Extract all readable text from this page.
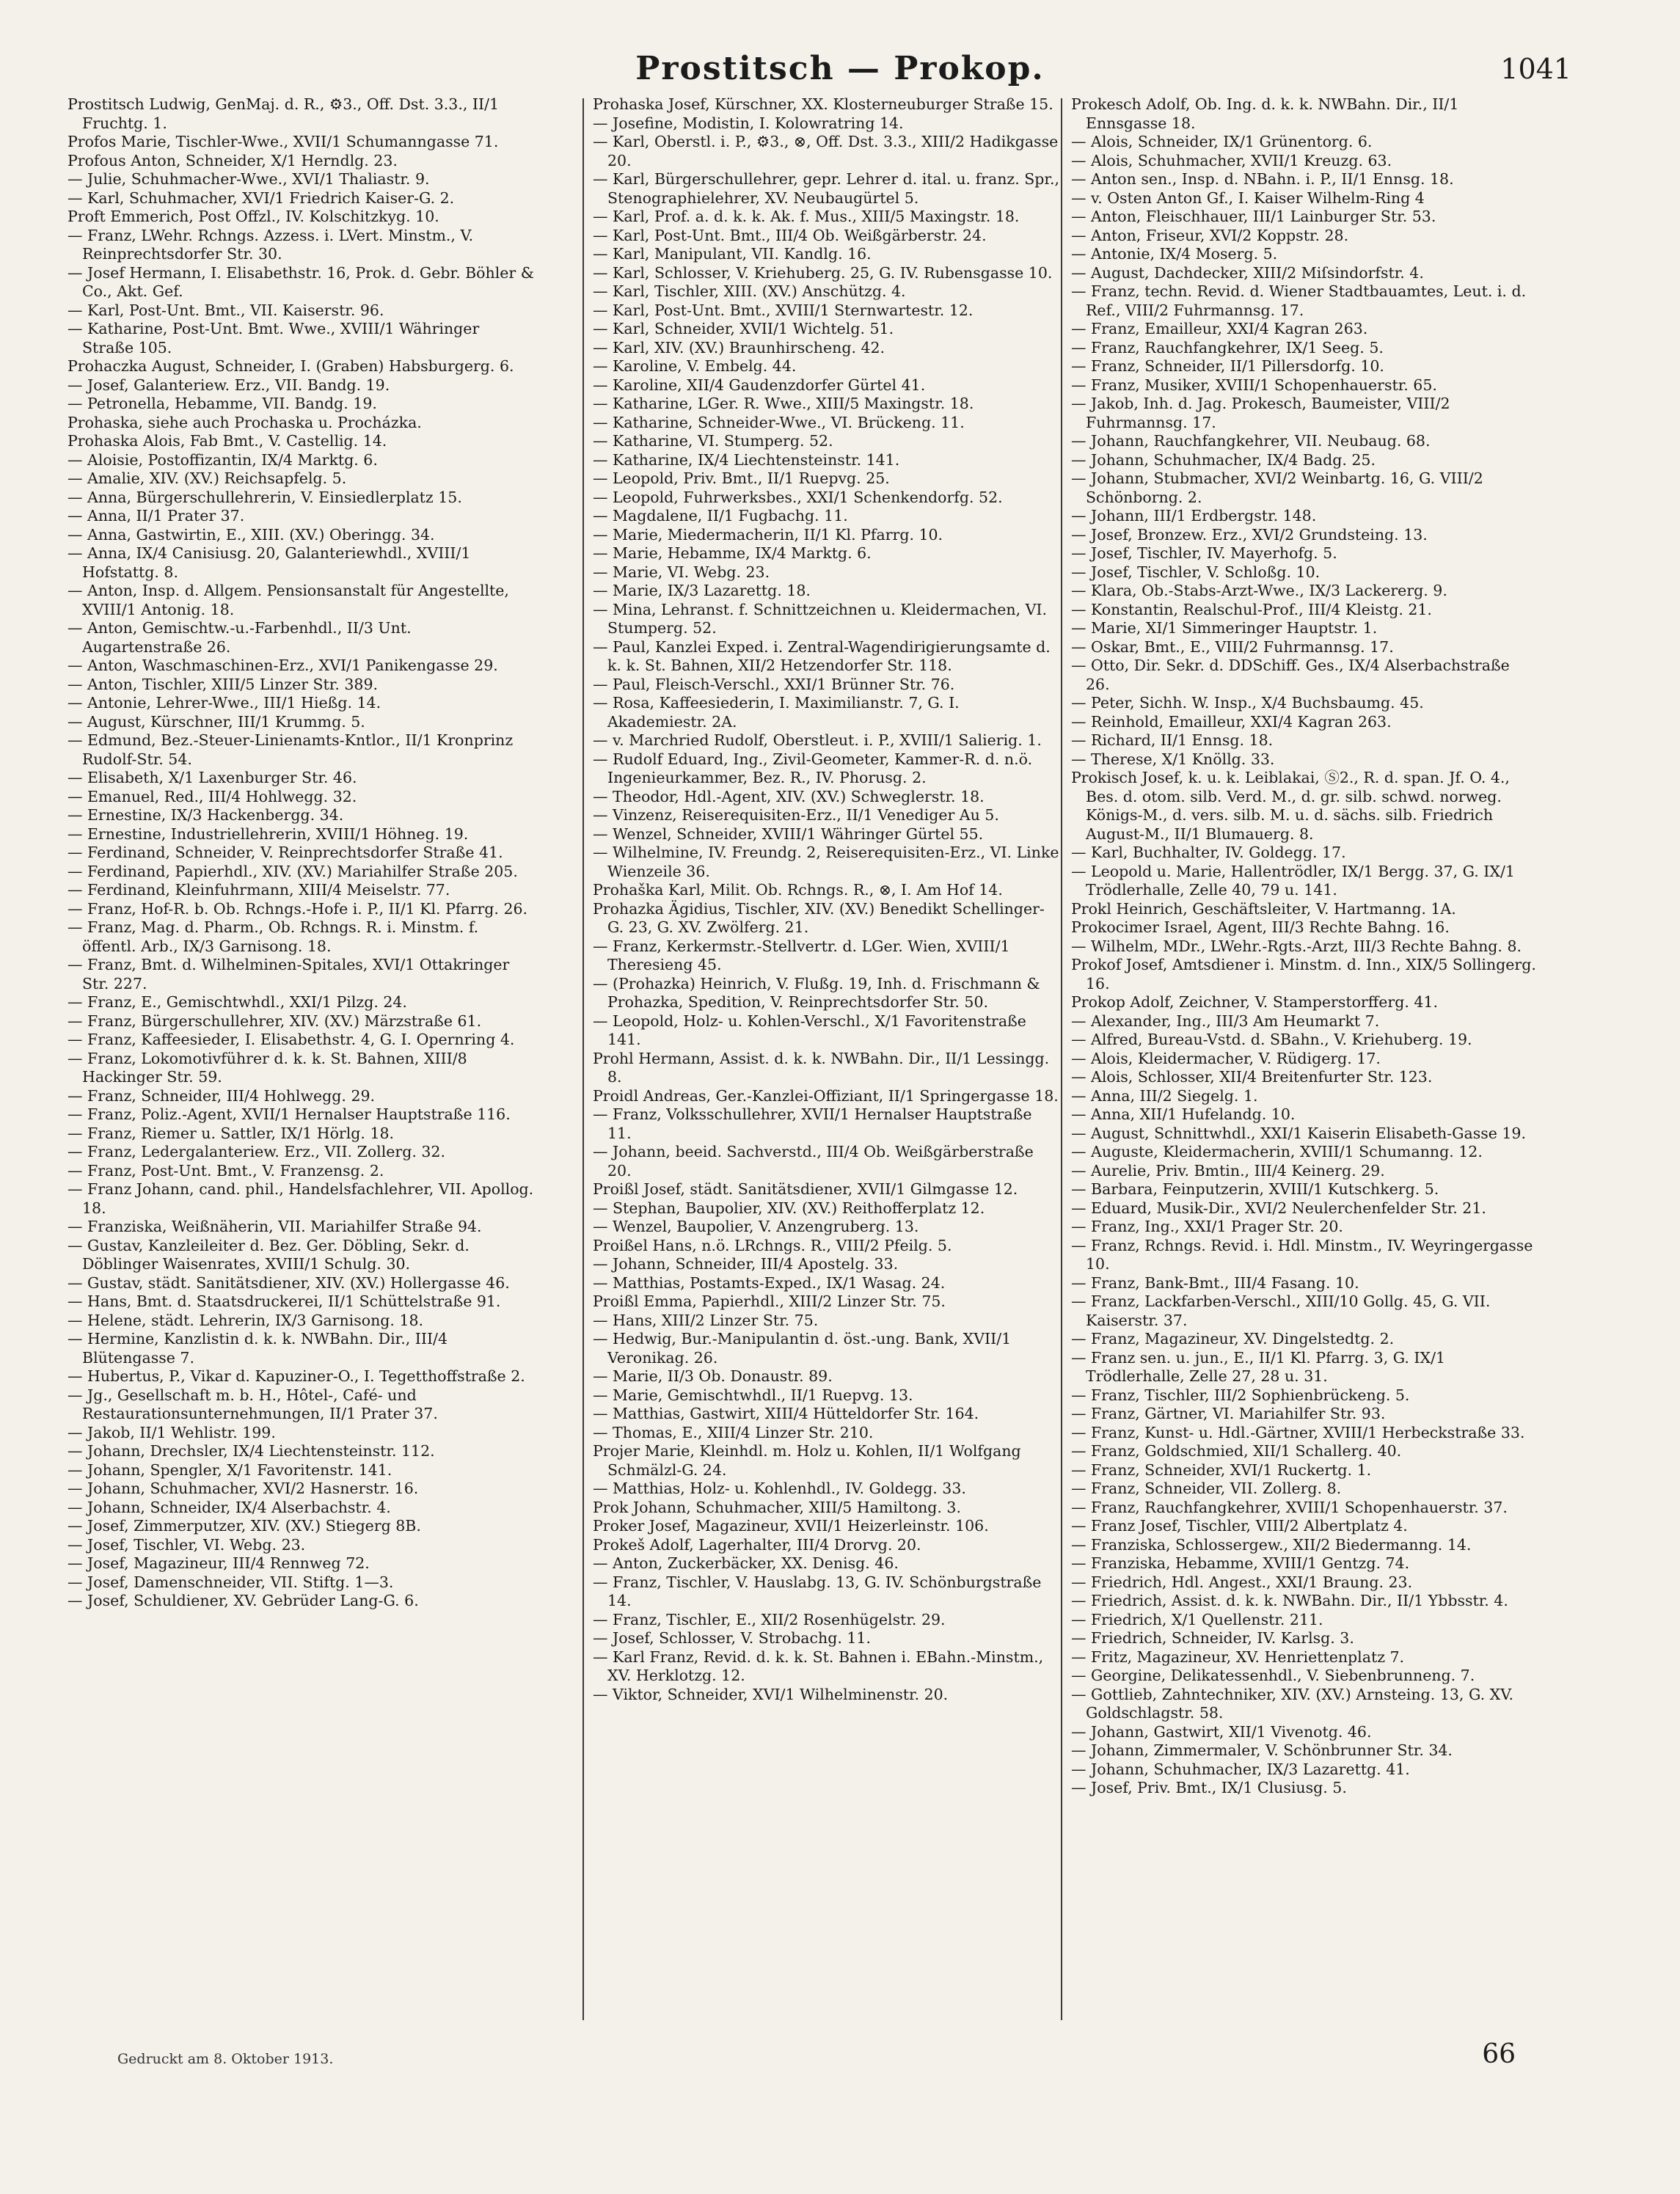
Prostitsch — Prokop.	1041

Prostitsch Ludwig, GenMaj. d. R., ⚙3., Off. Dst. 3.3., II/1 Fruchtg. 1.

Profos Marie, Tischler-Wwe., XVII/1 Schumanngasse 71.

Profous Anton, Schneider, X/1 Herndlg. 23.

— Julie, Schuhmacher-Wwe., XVI/1 Thaliastr. 9.

— Karl, Schuhmacher, XVI/1 Friedrich Kaiser-G. 2.

Proft Emmerich, Post Offzl., IV. Kolschitzkyg. 10.

— Franz, LWehr. Rchngs. Azzess. i. LVert. Minstm., V. Reinprechtsdorfer Str. 30.

— Josef Hermann, I. Elisabethstr. 16, Prok. d. Gebr. Böhler & Co., Akt. Gef.

— Karl, Post-Unt. Bmt., VII. Kaiserstr. 96.

— Katharine, Post-Unt. Bmt. Wwe., XVIII/1 Währinger Straße 105.

Prohaczka August, Schneider, I. (Graben) Habsburgerg. 6.

— Josef, Galanteriew. Erz., VII. Bandg. 19.

— Petronella, Hebamme, VII. Bandg. 19.

Prohaska, siehe auch Prochaska u. Procházka.

Prohaska Alois, Fab Bmt., V. Castellig. 14.

— Aloisie, Postoffizantin, IX/4 Marktg. 6.

— Amalie, XIV. (XV.) Reichsapfelg. 5.

— Anna, Bürgerschullehrerin, V. Einsiedlerplatz 15.

— Anna, II/1 Prater 37.

— Anna, Gastwirtin, E., XIII. (XV.) Oberingg. 34.

— Anna, IX/4 Canisiusg. 20, Galanteriewhdl., XVIII/1 Hofstattg. 8.

— Anton, Insp. d. Allgem. Pensionsanstalt für Angestellte, XVIII/1 Antonig. 18.

— Anton, Gemischtw.-u.-Farbenhdl., II/3 Unt. Augartenstraße 26.

— Anton, Waschmaschinen-Erz., XVI/1 Panikengasse 29.

— Anton, Tischler, XIII/5 Linzer Str. 389.

— Antonie, Lehrer-Wwe., III/1 Hießg. 14.

— August, Kürschner, III/1 Krummg. 5.

— Edmund, Bez.-Steuer-Linienamts-Kntlor., II/1 Kronprinz Rudolf-Str. 54.

— Elisabeth, X/1 Laxenburger Str. 46.

— Emanuel, Red., III/4 Hohlwegg. 32.

— Ernestine, IX/3 Hackenbergg. 34.

— Ernestine, Industriellehrerin, XVIII/1 Höhneg. 19.

— Ferdinand, Schneider, V. Reinprechtsdorfer Straße 41.

— Ferdinand, Papierhdl., XIV. (XV.) Mariahilfer Straße 205.

— Ferdinand, Kleinfuhrmann, XIII/4 Meiselstr. 77.

— Franz, Hof-R. b. Ob. Rchngs.-Hofe i. P., II/1 Kl. Pfarrg. 26.

— Franz, Mag. d. Pharm., Ob. Rchngs. R. i. Minstm. f. öffentl. Arb., IX/3 Garnisong. 18.

— Franz, Bmt. d. Wilhelminen-Spitales, XVI/1 Ottakringer Str. 227.

— Franz, E., Gemischtwhdl., XXI/1 Pilzg. 24.

— Franz, Bürgerschullehrer, XIV. (XV.) Märzstraße 61.

— Franz, Kaffeesieder, I. Elisabethstr. 4, G. I. Opernring 4.

— Franz, Lokomotivführer d. k. k. St. Bahnen, XIII/8 Hackinger Str. 59.

— Franz, Schneider, III/4 Hohlwegg. 29.

— Franz, Poliz.-Agent, XVII/1 Hernalser Hauptstraße 116.

— Franz, Riemer u. Sattler, IX/1 Hörlg. 18.

— Franz, Ledergalanteriew. Erz., VII. Zollerg. 32.

— Franz, Post-Unt. Bmt., V. Franzensg. 2.

— Franz Johann, cand. phil., Handelsfachlehrer, VII. Apollog. 18.

— Franziska, Weißnäherin, VII. Mariahilfer Straße 94.

— Gustav, Kanzleileiter d. Bez. Ger. Döbling, Sekr. d. Döblinger Waisenrates, XVIII/1 Schulg. 30.

— Gustav, städt. Sanitätsdiener, XIV. (XV.) Hollergasse 46.

— Hans, Bmt. d. Staatsdruckerei, II/1 Schüttelstraße 91.

— Helene, städt. Lehrerin, IX/3 Garnisong. 18.

— Hermine, Kanzlistin d. k. k. NWBahn. Dir., III/4 Blütengasse 7.

— Hubertus, P., Vikar d. Kapuziner-O., I. Tegetthoffstraße 2.

— Jg., Gesellschaft m. b. H., Hôtel-, Café- und Restaurationsunternehmungen, II/1 Prater 37.

— Jakob, II/1 Wehlistr. 199.

— Johann, Drechsler, IX/4 Liechtensteinstr. 112.

— Johann, Spengler, X/1 Favoritenstr. 141.

— Johann, Schuhmacher, XVI/2 Hasnerstr. 16.

— Johann, Schneider, IX/4 Alserbachstr. 4.

— Josef, Zimmerputzer, XIV. (XV.) Stiegerg 8B.

— Josef, Tischler, VI. Webg. 23.

— Josef, Magazineur, III/4 Rennweg 72.

— Josef, Damenschneider, VII. Stiftg. 1—3.

— Josef, Schuldiener, XV. Gebrüder Lang-G. 6.

Prohaska Josef, Kürschner, XX. Klosterneuburger Straße 15.

— Josefine, Modistin, I. Kolowratring 14.

— Karl, Oberstl. i. P., ⚙3., ⊗, Off. Dst. 3.3., XIII/2 Hadikgasse 20.

— Karl, Bürgerschullehrer, gepr. Lehrer d. ital. u. franz. Spr., Stenographielehrer, XV. Neubaugürtel 5.

— Karl, Prof. a. d. k. k. Ak. f. Mus., XIII/5 Maxingstr. 18.

— Karl, Post-Unt. Bmt., III/4 Ob. Weißgärberstr. 24.

— Karl, Manipulant, VII. Kandlg. 16.

— Karl, Schlosser, V. Kriehuberg. 25, G. IV. Rubensgasse 10.

— Karl, Tischler, XIII. (XV.) Anschützg. 4.

— Karl, Post-Unt. Bmt., XVIII/1 Sternwartestr. 12.

— Karl, Schneider, XVII/1 Wichtelg. 51.

— Karl, XIV. (XV.) Braunhirscheng. 42.

— Karoline, V. Embelg. 44.

— Karoline, XII/4 Gaudenzdorfer Gürtel 41.

— Katharine, LGer. R. Wwe., XIII/5 Maxingstr. 18.

— Katharine, Schneider-Wwe., VI. Brückeng. 11.

— Katharine, VI. Stumperg. 52.

— Katharine, IX/4 Liechtensteinstr. 141.

— Leopold, Priv. Bmt., II/1 Ruepvg. 25.

— Leopold, Fuhrwerksbes., XXI/1 Schenkendorfg. 52.

— Magdalene, II/1 Fugbachg. 11.

— Marie, Miedermacherin, II/1 Kl. Pfarrg. 10.

— Marie, Hebamme, IX/4 Marktg. 6.

— Marie, VI. Webg. 23.

— Marie, IX/3 Lazarettg. 18.

— Mina, Lehranst. f. Schnittzeichnen u. Kleidermachen, VI. Stumperg. 52.

— Paul, Kanzlei Exped. i. Zentral-Wagendirigierungsamte d. k. k. St. Bahnen, XII/2 Hetzendorfer Str. 118.

— Paul, Fleisch-Verschl., XXI/1 Brünner Str. 76.

— Rosa, Kaffeesiederin, I. Maximilianstr. 7, G. I. Akademiestr. 2A.

— v. Marchried Rudolf, Oberstleut. i. P., XVIII/1 Salierig. 1.

— Rudolf Eduard, Ing., Zivil-Geometer, Kammer-R. d. n.ö. Ingenieurkammer, Bez. R., IV. Phorusg. 2.

— Theodor, Hdl.-Agent, XIV. (XV.) Schweglerstr. 18.

— Vinzenz, Reiserequisiten-Erz., II/1 Venediger Au 5.

— Wenzel, Schneider, XVIII/1 Währinger Gürtel 55.

— Wilhelmine, IV. Freundg. 2, Reiserequisiten-Erz., VI. Linke Wienzeile 36.

Prohaška Karl, Milit. Ob. Rchngs. R., ⊗, I. Am Hof 14.

Prohazka Ägidius, Tischler, XIV. (XV.) Benedikt Schellinger-G. 23, G. XV. Zwölferg. 21.

— Franz, Kerkermstr.-Stellvertr. d. LGer. Wien, XVIII/1 Theresieng 45.

— (Prohazka) Heinrich, V. Flußg. 19, Inh. d. Frischmann & Prohazka, Spedition, V. Reinprechtsdorfer Str. 50.

— Leopold, Holz- u. Kohlen-Verschl., X/1 Favoritenstraße 141.

Prohl Hermann, Assist. d. k. k. NWBahn. Dir., II/1 Lessingg. 8.

Proidl Andreas, Ger.-Kanzlei-Offiziant, II/1 Springergasse 18.

— Franz, Volksschullehrer, XVII/1 Hernalser Hauptstraße 11.

— Johann, beeid. Sachverstd., III/4 Ob. Weißgärberstraße 20.

Proißl Josef, städt. Sanitätsdiener, XVII/1 Gilmgasse 12.

— Stephan, Baupolier, XIV. (XV.) Reithofferplatz 12.

— Wenzel, Baupolier, V. Anzengruberg. 13.

Proißel Hans, n.ö. LRchngs. R., VIII/2 Pfeilg. 5.

— Johann, Schneider, III/4 Apostelg. 33.

— Matthias, Postamts-Exped., IX/1 Wasag. 24.

Proißl Emma, Papierhdl., XIII/2 Linzer Str. 75.

— Hans, XIII/2 Linzer Str. 75.

— Hedwig, Bur.-Manipulantin d. öst.-ung. Bank, XVII/1 Veronikag. 26.

— Marie, II/3 Ob. Donaustr. 89.

— Marie, Gemischtwhdl., II/1 Ruepvg. 13.

— Matthias, Gastwirt, XIII/4 Hütteldorfer Str. 164.

— Thomas, E., XIII/4 Linzer Str. 210.

Projer Marie, Kleinhdl. m. Holz u. Kohlen, II/1 Wolfgang Schmälzl-G. 24.

— Matthias, Holz- u. Kohlenhdl., IV. Goldegg. 33.

Prok Johann, Schuhmacher, XIII/5 Hamiltong. 3.

Proker Josef, Magazineur, XVII/1 Heizerleinstr. 106.

Prokeš Adolf, Lagerhalter, III/4 Drorvg. 20.

— Anton, Zuckerbäcker, XX. Denisg. 46.

— Franz, Tischler, V. Hauslabg. 13, G. IV. Schönburgstraße 14.

— Franz, Tischler, E., XII/2 Rosenhügelstr. 29.

— Josef, Schlosser, V. Strobachg. 11.

— Karl Franz, Revid. d. k. k. St. Bahnen i. EBahn.-Minstm., XV. Herklotzg. 12.

— Viktor, Schneider, XVI/1 Wilhelminenstr. 20.

Prokesch Adolf, Ob. Ing. d. k. k. NWBahn. Dir., II/1 Ennsgasse 18.

— Alois, Schneider, IX/1 Grünentorg. 6.

— Alois, Schuhmacher, XVII/1 Kreuzg. 63.

— Anton sen., Insp. d. NBahn. i. P., II/1 Ennsg. 18.

— v. Osten Anton Gf., I. Kaiser Wilhelm-Ring 4

— Anton, Fleischhauer, III/1 Lainburger Str. 53.

— Anton, Friseur, XVI/2 Koppstr. 28.

— Antonie, IX/4 Moserg. 5.

— August, Dachdecker, XIII/2 Miſsindorfstr. 4.

— Franz, techn. Revid. d. Wiener Stadtbauamtes, Leut. i. d. Ref., VIII/2 Fuhrmannsg. 17.

— Franz, Emailleur, XXI/4 Kagran 263.

— Franz, Rauchfangkehrer, IX/1 Seeg. 5.

— Franz, Schneider, II/1 Pillersdorfg. 10.

— Franz, Musiker, XVIII/1 Schopenhauerstr. 65.

— Jakob, Inh. d. Jag. Prokesch, Baumeister, VIII/2 Fuhrmannsg. 17.

— Johann, Rauchfangkehrer, VII. Neubaug. 68.

— Johann, Schuhmacher, IX/4 Badg. 25.

— Johann, Stubmacher, XVI/2 Weinbartg. 16, G. VIII/2 Schönborng. 2.

— Johann, III/1 Erdbergstr. 148.

— Josef, Bronzew. Erz., XVI/2 Grundsteing. 13.

— Josef, Tischler, IV. Mayerhofg. 5.

— Josef, Tischler, V. Schloßg. 10.

— Klara, Ob.-Stabs-Arzt-Wwe., IX/3 Lackererg. 9.

— Konstantin, Realschul-Prof., III/4 Kleistg. 21.

— Marie, XI/1 Simmeringer Hauptstr. 1.

— Oskar, Bmt., E., VIII/2 Fuhrmannsg. 17.

— Otto, Dir. Sekr. d. DDSchiff. Ges., IX/4 Alserbachstraße 26.

— Peter, Sichh. W. Insp., X/4 Buchsbaumg. 45.

— Reinhold, Emailleur, XXI/4 Kagran 263.

— Richard, II/1 Ennsg. 18.

— Therese, X/1 Knöllg. 33.

Prokisch Josef, k. u. k. Leiblakai, Ⓢ2., R. d. span. Jf. O. 4., Bes. d. otom. silb. Verd. M., d. gr. silb. schwd. norweg. Königs-M., d. vers. silb. M. u. d. sächs. silb. Friedrich August-M., II/1 Blumauerg. 8.

— Karl, Buchhalter, IV. Goldegg. 17.

— Leopold u. Marie, Hallentrödler, IX/1 Bergg. 37, G. IX/1 Trödlerhalle, Zelle 40, 79 u. 141.

Prokl Heinrich, Geschäftsleiter, V. Hartmanng. 1A.

Prokocimer Israel, Agent, III/3 Rechte Bahng. 16.

— Wilhelm, MDr., LWehr.-Rgts.-Arzt, III/3 Rechte Bahng. 8.

Prokof Josef, Amtsdiener i. Minstm. d. Inn., XIX/5 Sollingerg. 16.

Prokop Adolf, Zeichner, V. Stamperstorfferg. 41.

— Alexander, Ing., III/3 Am Heumarkt 7.

— Alfred, Bureau-Vstd. d. SBahn., V. Kriehuberg. 19.

— Alois, Kleidermacher, V. Rüdigerg. 17.

— Alois, Schlosser, XII/4 Breitenfurter Str. 123.

— Anna, III/2 Siegelg. 1.

— Anna, XII/1 Hufelandg. 10.

— August, Schnittwhdl., XXI/1 Kaiserin Elisabeth-Gasse 19.

— Auguste, Kleidermacherin, XVIII/1 Schumanng. 12.

— Aurelie, Priv. Bmtin., III/4 Keinerg. 29.

— Barbara, Feinputzerin, XVIII/1 Kutschkerg. 5.

— Eduard, Musik-Dir., XVI/2 Neulerchenfelder Str. 21.

— Franz, Ing., XXI/1 Prager Str. 20.

— Franz, Rchngs. Revid. i. Hdl. Minstm., IV. Weyringergasse 10.

— Franz, Bank-Bmt., III/4 Fasang. 10.

— Franz, Lackfarben-Verschl., XIII/10 Gollg. 45, G. VII. Kaiserstr. 37.

— Franz, Magazineur, XV. Dingelstedtg. 2.

— Franz sen. u. jun., E., II/1 Kl. Pfarrg. 3, G. IX/1 Trödlerhalle, Zelle 27, 28 u. 31.

— Franz, Tischler, III/2 Sophienbrückeng. 5.

— Franz, Gärtner, VI. Mariahilfer Str. 93.

— Franz, Kunst- u. Hdl.-Gärtner, XVIII/1 Herbeckstraße 33.

— Franz, Goldschmied, XII/1 Schallerg. 40.

— Franz, Schneider, XVI/1 Ruckertg. 1.

— Franz, Schneider, VII. Zollerg. 8.

— Franz, Rauchfangkehrer, XVIII/1 Schopenhauerstr. 37.

— Franz Josef, Tischler, VIII/2 Albertplatz 4.

— Franziska, Schlossergew., XII/2 Biedermanng. 14.

— Franziska, Hebamme, XVIII/1 Gentzg. 74.

— Friedrich, Hdl. Angest., XXI/1 Braung. 23.

— Friedrich, Assist. d. k. k. NWBahn. Dir., II/1 Ybbsstr. 4.

— Friedrich, X/1 Quellenstr. 211.

— Friedrich, Schneider, IV. Karlsg. 3.

— Fritz, Magazineur, XV. Henriettenplatz 7.

— Georgine, Delikatessenhdl., V. Siebenbrunneng. 7.

— Gottlieb, Zahntechniker, XIV. (XV.) Arnsteing. 13, G. XV. Goldschlagstr. 58.

— Johann, Gastwirt, XII/1 Vivenotg. 46.

— Johann, Zimmermaler, V. Schönbrunner Str. 34.

— Johann, Schuhmacher, IX/3 Lazarettg. 41.

— Josef, Priv. Bmt., IX/1 Clusiusg. 5.

Gedruckt am 8. Oktober 1913.	66
